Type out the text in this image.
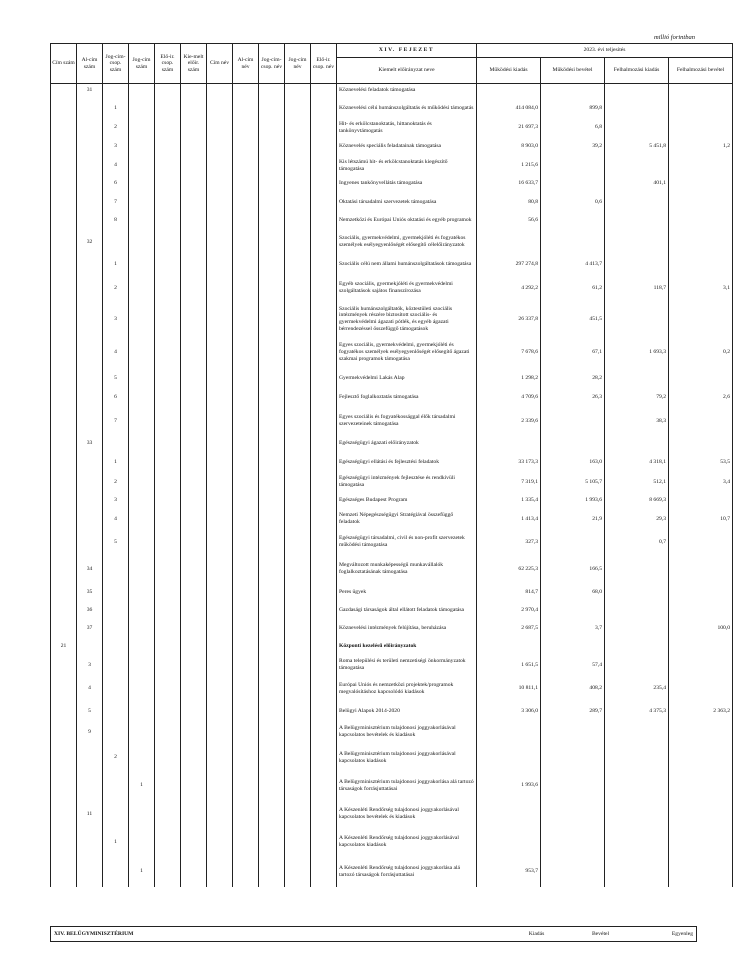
millió forintban
Cím szám	Al-cím szám	Jog-cím-csop. szám	Jog-cím szám	Elő-ir. csop. szám	Kie-melt előir. szám	Cím név	Al-cím név	Jog-cím-csop. név	Jog-cím név	Elő-ir. csop. név	XIV. FEJEZET	2023. évi teljesítés			
											Kiemelt előirányzat neve	Működési kiadás	Működési bevétel	Felhalmozási kiadás	Felhalmozási bevétel
	31										Köznevelési feladatok támogatása				
		1									Köznevelési célú humánszolgáltatás és működési támogatás	414 084,0	899,8		
		2									Hit- és erkölcstanoktatás, hittanoktatás és tankönyvtámogatás	21 697,3	6,8		
		3									Köznevelés speciális feladatainak támogatása	8 903,0	39,2	5 451,8	1,2
		4									Kis létszámú hit- és erkölcstanoktatás kiegészítő támogatása	1 215,6			
		6									Ingyenes tankönyvellátás támogatása	16 633,7		401,1	
		7									Oktatási társadalmi szervezetek támogatása	80,8	0,6		
		8									Nemzetközi és Európai Uniós oktatási és egyéb programok	56,6			
	32										Szociális, gyermekvédelmi, gyermekjóléti és fogyatékos személyek esélyegyenlőségét elősegítő célelőirányzatok				
		1									Szociális célú nem állami humánszolgáltatások támogatása	297 274,8	4 413,7		
		2									Egyéb szociális, gyermekjóléti és gyermekvédelmi szolgáltatások sajátos finanszírozása	4 292,2	61,2	118,7	3,1
		3									Szociális humánszolgáltatók, köztestületi szociális intézmények részére biztosított szociális- és gyermekvédelmi ágazati pótlék, és egyéb ágazati bérrendezéssel összefüggő támogatások	26 337,8	451,5		
		4									Egyes szociális, gyermekvédelmi, gyermekjóléti és fogyatékos személyek esélyegyenlőségét elősegítő ágazati szakmai programok támogatása	7 678,6	67,1	1 693,3	0,2
		5									Gyermekvédelmi Lakás Alap	1 298,2	28,2		
		6									Fejlesztő foglalkoztatás támogatása	4 709,6	26,3	79,2	2,6
		7									Egyes szociális és fogyatékossággal élők társadalmi szervezeteinek támogatása	2 339,6		38,3	
	33										Egészségügyi ágazati előirányzatok				
		1									Egészségügyi ellátási és fejlesztési feladatok	33 173,3	163,0	4 318,1	53,5
		2									Egészségügyi intézmények fejlesztése és rendkívüli támogatása	7 319,1	5 105,7	512,1	3,4
		3									Egészséges Budapest Program	1 335,4	1 993,6	8 669,3	
		4									Nemzeti Népegészségügyi Stratégiával összefüggő feladatok	1 413,4	21,9	29,3	10,7
		5									Egészségügyi társadalmi, civil és non-profit szervezetek működési támogatása	327,3		0,7	
	34										Megváltozott munkaképességű munkavállalók foglalkoztatásának támogatása	62 225,3	166,5		
	35										Peres ügyek	814,7	68,0		
	36										Gazdasági társaságok által ellátott feladatok támogatása	2 970,4			
	37										Köznevelési intézmények felújítása, beruházása	2 687,5	3,7		100,0
21											Központi kezelésű előirányzatok				
	3										Roma települési és területi nemzetiségi önkormányzatok támogatása	1 651,5	57,4		
	4										Európai Uniós és nemzetközi projektek/programok megvalósításhoz kapcsolódó kiadások	10 811,1	408,2	235,4	
	5										Belügyi Alapok 2014-2020	3 306,0	289,7	4 375,3	2 363,2
	9										A Belügyminisztérium tulajdonosi joggyakorlásával kapcsolatos bevételek és kiadások				
		2									A Belügyminisztérium tulajdonosi joggyakorlásával kapcsolatos kiadások				
			1								A Belügyminisztérium tulajdonosi joggyakorlása alá tartozó társaságok forrásjuttatásai	1 993,6			
	11										A Készenléti Rendőrség tulajdonosi joggyakorlásával kapcsolatos bevételek és kiadások				
		1									A Készenléti Rendőrség tulajdonosi joggyakorlásával kapcsolatos kiadások				
			1								A Készenléti Rendőrség tulajdonosi joggyakorlása alá tartozó társaságok forrásjuttatásai	953,7			
XIV. BELÜGYMINISZTÉRIUM	Kiadás	Bevétel	Egyenleg
